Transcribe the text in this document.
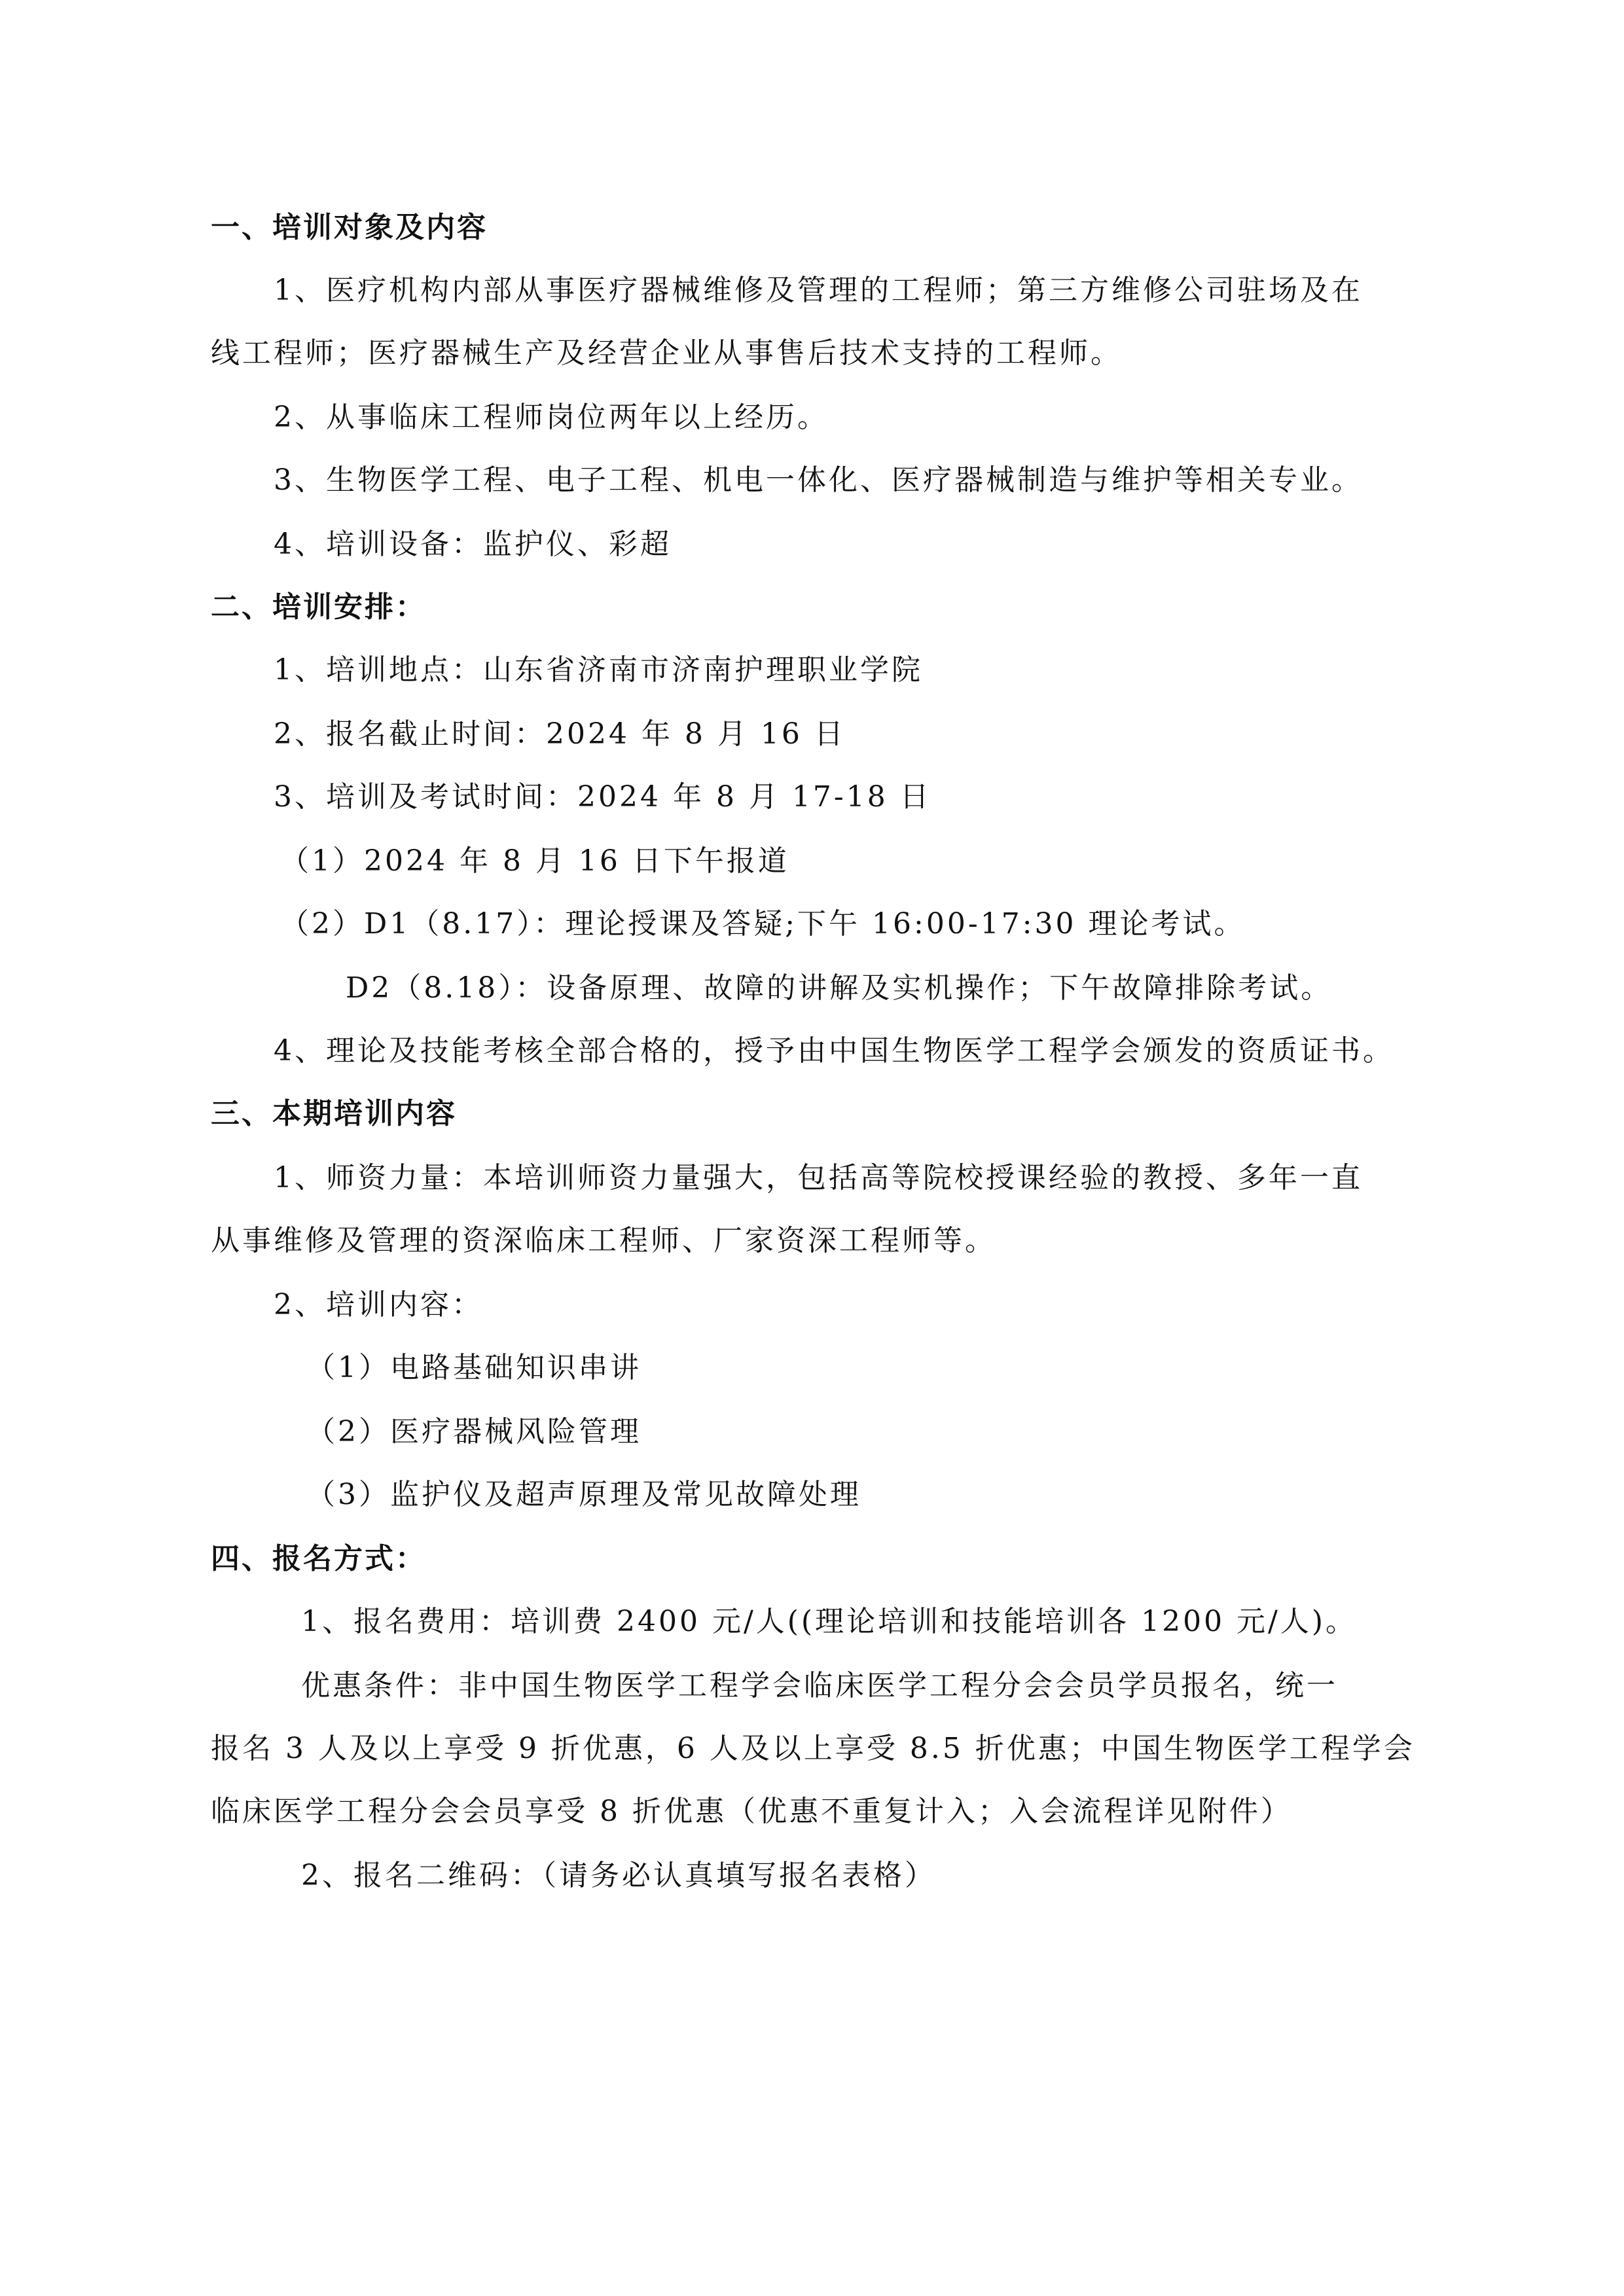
一、培训对象及内容
1、医疗机构内部从事医疗器械维修及管理的工程师；第三方维修公司驻场及在
线工程师；医疗器械生产及经营企业从事售后技术支持的工程师。
2、从事临床工程师岗位两年以上经历。
3、生物医学工程、电子工程、机电一体化、医疗器械制造与维护等相关专业。
4、培训设备：监护仪、彩超
二、培训安排：
1、培训地点：山东省济南市济南护理职业学院
2、报名截止时间：2024 年 8 月 16 日
3、培训及考试时间：2024 年 8 月 17-18 日
（1）2024 年 8 月 16 日下午报道
（2）D1（8.17）：理论授课及答疑;下午 16:00-17:30 理论考试。
D2（8.18）：设备原理、故障的讲解及实机操作；下午故障排除考试。
4、理论及技能考核全部合格的，授予由中国生物医学工程学会颁发的资质证书。
三、本期培训内容
1、师资力量：本培训师资力量强大，包括高等院校授课经验的教授、多年一直
从事维修及管理的资深临床工程师、厂家资深工程师等。
2、培训内容：
（1）电路基础知识串讲
（2）医疗器械风险管理
（3）监护仪及超声原理及常见故障处理
四、报名方式：
1、报名费用：培训费 2400 元/人((理论培训和技能培训各 1200 元/人)。
优惠条件：非中国生物医学工程学会临床医学工程分会会员学员报名，统一
报名 3 人及以上享受 9 折优惠，6 人及以上享受 8.5 折优惠；中国生物医学工程学会
临床医学工程分会会员享受 8 折优惠（优惠不重复计入；入会流程详见附件）
2、报名二维码：（请务必认真填写报名表格）
